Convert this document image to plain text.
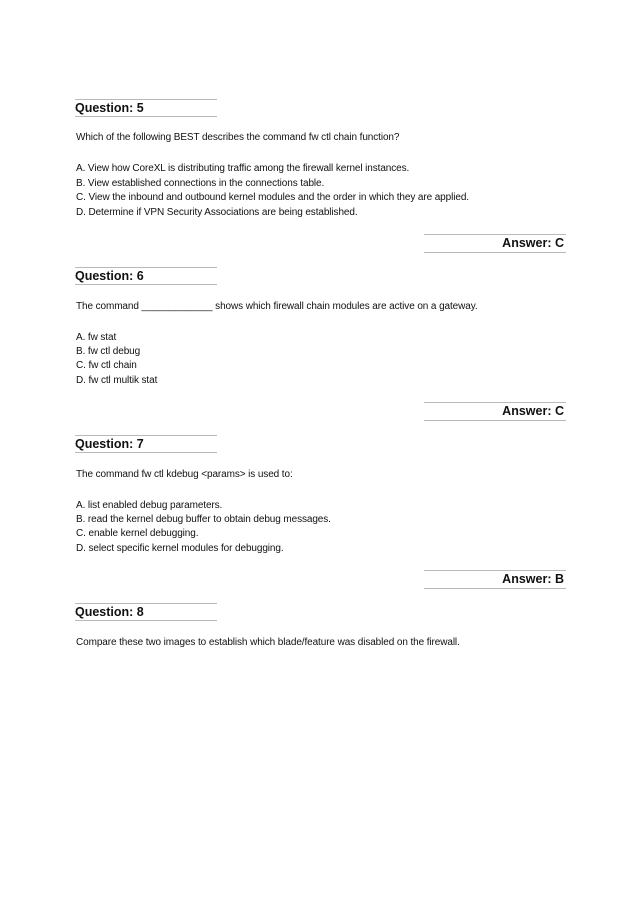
Question: 5
Which of the following BEST describes the command fw ctl chain function?
A. View how CoreXL is distributing traffic among the firewall kernel instances.
B. View established connections in the connections table.
C. View the inbound and outbound kernel modules and the order in which they are applied.
D. Determine if VPN Security Associations are being established.
Answer: C
Question: 6
The command _____________ shows which firewall chain modules are active on a gateway.
A. fw stat
B. fw ctl debug
C. fw ctl chain
D. fw ctl multik stat
Answer: C
Question: 7
The command fw ctl kdebug <params> is used to:
A. list enabled debug parameters.
B. read the kernel debug buffer to obtain debug messages.
C. enable kernel debugging.
D. select specific kernel modules for debugging.
Answer: B
Question: 8
Compare these two images to establish which blade/feature was disabled on the firewall.
